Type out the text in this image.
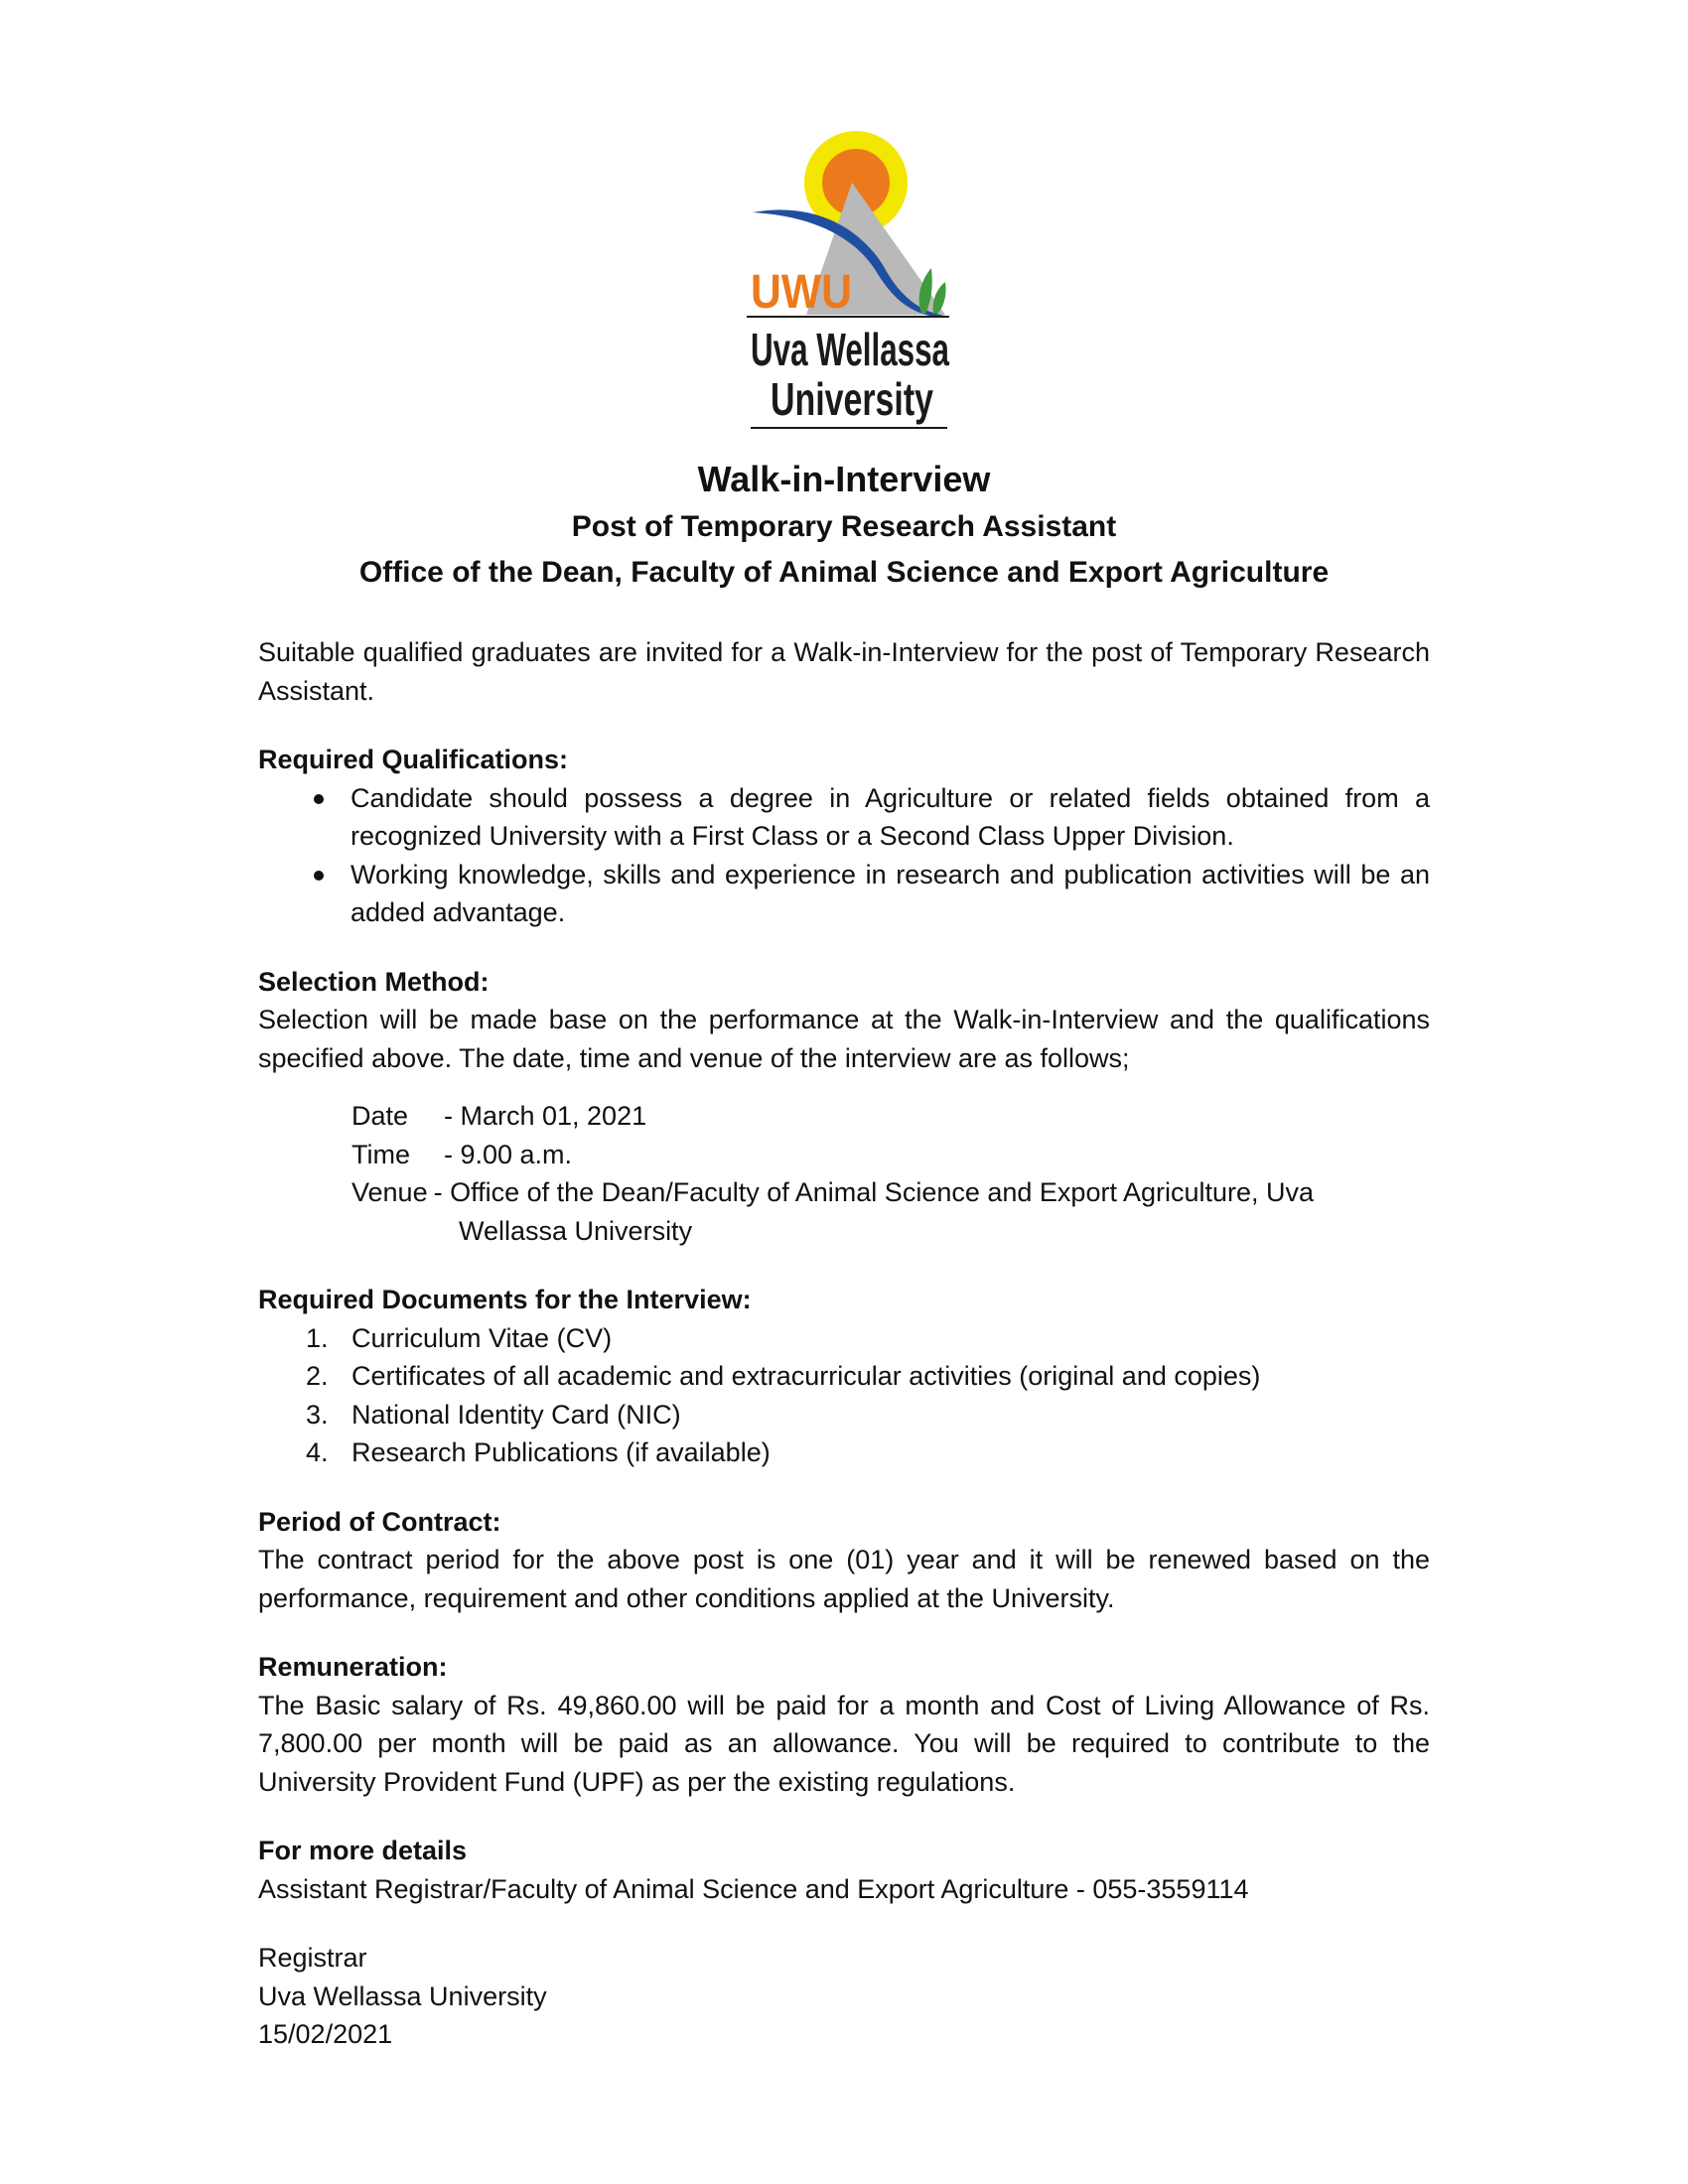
UWU
Uva Wellassa
University
Walk-in-Interview
Post of Temporary Research Assistant
Office of the Dean, Faculty of Animal Science and Export Agriculture
Suitable qualified graduates are invited for a Walk-in-Interview for the post of Temporary Research Assistant.
Required Qualifications:
Candidate should possess a degree in Agriculture or related fields obtained from a recognized University with a First Class or a Second Class Upper Division.
Working knowledge, skills and experience in research and publication activities will be an added advantage.
Selection Method:
Selection will be made base on the performance at the Walk-in-Interview and the qualifications specified above. The date, time and venue of the interview are as follows;
Date	- March 01, 2021
Time	- 9.00 a.m.
Venue - Office of the Dean/Faculty of Animal Science and Export Agriculture, Uva
Wellassa University
Required Documents for the Interview:
1. Curriculum Vitae (CV)
2. Certificates of all academic and extracurricular activities (original and copies)
3. National Identity Card (NIC)
4. Research Publications (if available)
Period of Contract:
The contract period for the above post is one (01) year and it will be renewed based on the performance, requirement and other conditions applied at the University.
Remuneration:
The Basic salary of Rs. 49,860.00 will be paid for a month and Cost of Living Allowance of Rs. 7,800.00 per month will be paid as an allowance. You will be required to contribute to the University Provident Fund (UPF) as per the existing regulations.
For more details
Assistant Registrar/Faculty of Animal Science and Export Agriculture - 055-3559114
Registrar
Uva Wellassa University
15/02/2021
